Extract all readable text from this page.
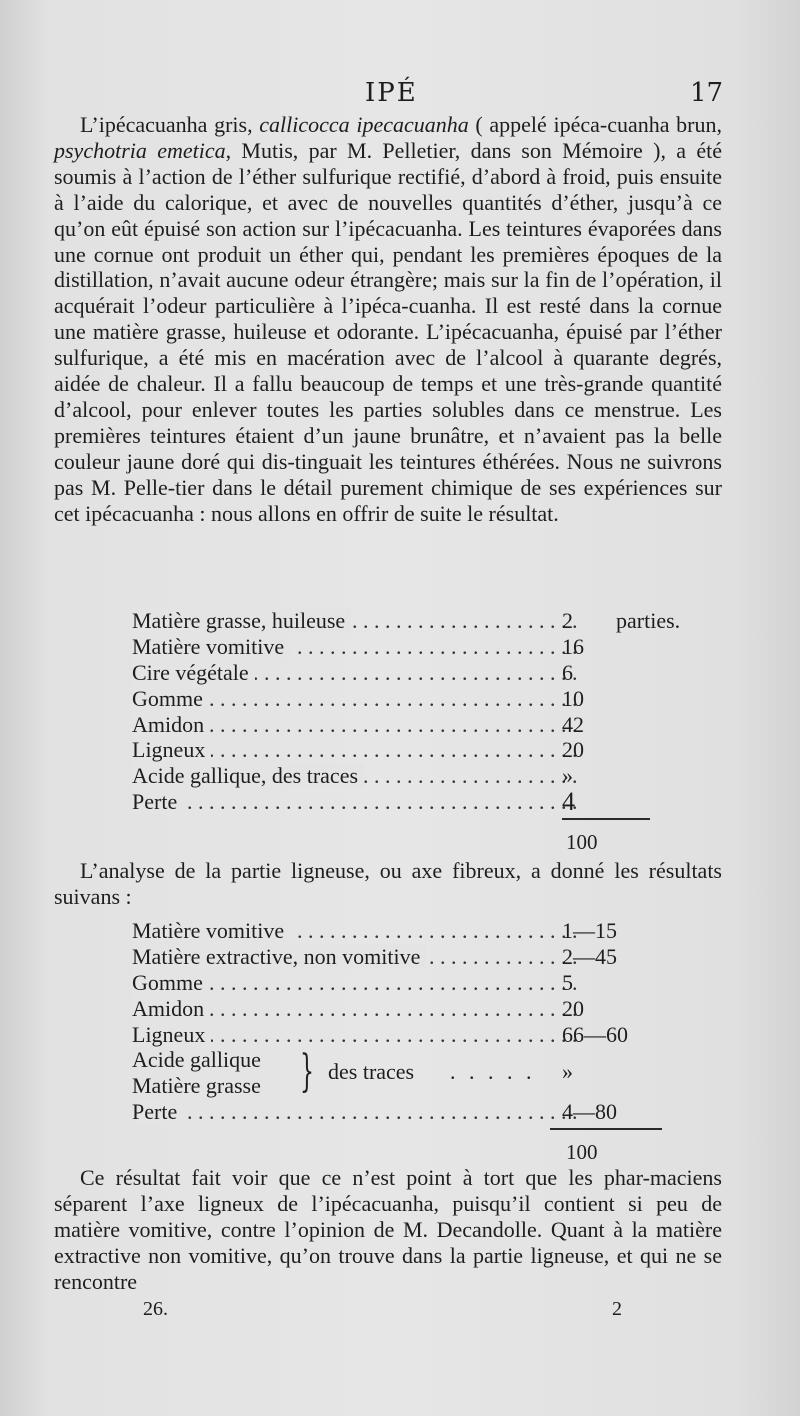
IPÉ	17
L’ipécacuanha gris, callicocca ipecacuanha ( appelé ipéca-cuanha brun, psychotria emetica, Mutis, par M. Pelletier, dans son Mémoire ), a été soumis à l’action de l’éther sulfurique rectifié, d’abord à froid, puis ensuite à l’aide du calorique, et avec de nouvelles quantités d’éther, jusqu’à ce qu’on eût épuisé son action sur l’ipécacuanha. Les teintures évaporées dans une cornue ont produit un éther qui, pendant les premières époques de la distillation, n’avait aucune odeur étrangère; mais sur la fin de l’opération, il acquérait l’odeur particulière à l’ipéca-cuanha. Il est resté dans la cornue une matière grasse, huileuse et odorante. L’ipécacuanha, épuisé par l’éther sulfurique, a été mis en macération avec de l’alcool à quarante degrés, aidée de chaleur. Il a fallu beaucoup de temps et une très-grande quantité d’alcool, pour enlever toutes les parties solubles dans ce menstrue. Les premières teintures étaient d’un jaune brunâtre, et n’avaient pas la belle couleur jaune doré qui dis-tinguait les teintures éthérées. Nous ne suivrons pas M. Pelle-tier dans le détail purement chimique de ses expériences sur cet ipécacuanha : nous allons en offrir de suite le résultat.
. . .
Matière grasse, huileuse	2 parties.
. . .
Matière vomitive	16
. . .
Cire végétale	6
. . .
Gomme	10
. . .
Amidon	42
. . .
Ligneux	20
. . .
Acide gallique, des traces	»
. . .
Perte	4
100
L’analyse de la partie ligneuse, ou axe fibreux, a donné les résultats suivans :
. . .
Matière vomitive	1—15
. . .
Matière extractive, non vomitive	2—45
. . .
Gomme	5
. . .
Amidon	20
. . .
Ligneux	66—60
Acide gallique
Matière grasse } des traces . . . . . »
. . .
Perte	4—80
100
Ce résultat fait voir que ce n’est point à tort que les phar-maciens séparent l’axe ligneux de l’ipécacuanha, puisqu’il contient si peu de matière vomitive, contre l’opinion de M. Decandolle. Quant à la matière extractive non vomitive, qu’on trouve dans la partie ligneuse, et qui ne se rencontre
26.	2
